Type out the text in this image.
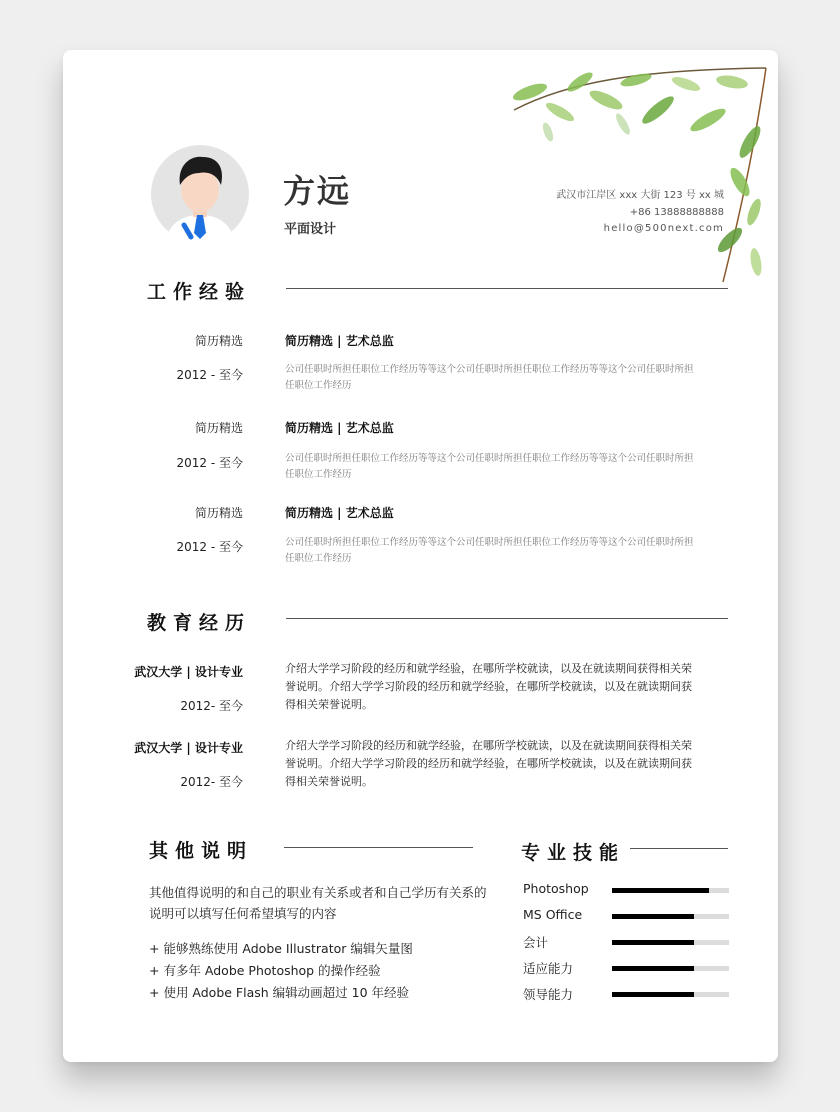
方远
平面设计
武汉市江岸区 xxx 大街 123 号 xx 城
+86 13888888888
hello@500next.com
工作经验
简历精选
2012 - 至今
简历精选 | 艺术总监
公司任职时所担任职位工作经历等等这个公司任职时所担任职位工作经历等等这个公司任职时所担任职位工作经历
简历精选
2012 - 至今
简历精选 | 艺术总监
公司任职时所担任职位工作经历等等这个公司任职时所担任职位工作经历等等这个公司任职时所担任职位工作经历
简历精选
2012 - 至今
简历精选 | 艺术总监
公司任职时所担任职位工作经历等等这个公司任职时所担任职位工作经历等等这个公司任职时所担任职位工作经历
教育经历
武汉大学 | 设计专业
2012- 至今
介绍大学学习阶段的经历和就学经验，在哪所学校就读，以及在就读期间获得相关荣誉说明。介绍大学学习阶段的经历和就学经验，在哪所学校就读，以及在就读期间获得相关荣誉说明。
武汉大学 | 设计专业
2012- 至今
介绍大学学习阶段的经历和就学经验，在哪所学校就读，以及在就读期间获得相关荣誉说明。介绍大学学习阶段的经历和就学经验，在哪所学校就读，以及在就读期间获得相关荣誉说明。
其他说明
其他值得说明的和自己的职业有关系或者和自己学历有关系的说明可以填写任何希望填写的内容
+ 能够熟练使用 Adobe Illustrator 编辑矢量图
+ 有多年 Adobe Photoshop 的操作经验
+ 使用 Adobe Flash 编辑动画超过 10 年经验
专业技能
Photoshop
MS Office
会计
适应能力
领导能力
